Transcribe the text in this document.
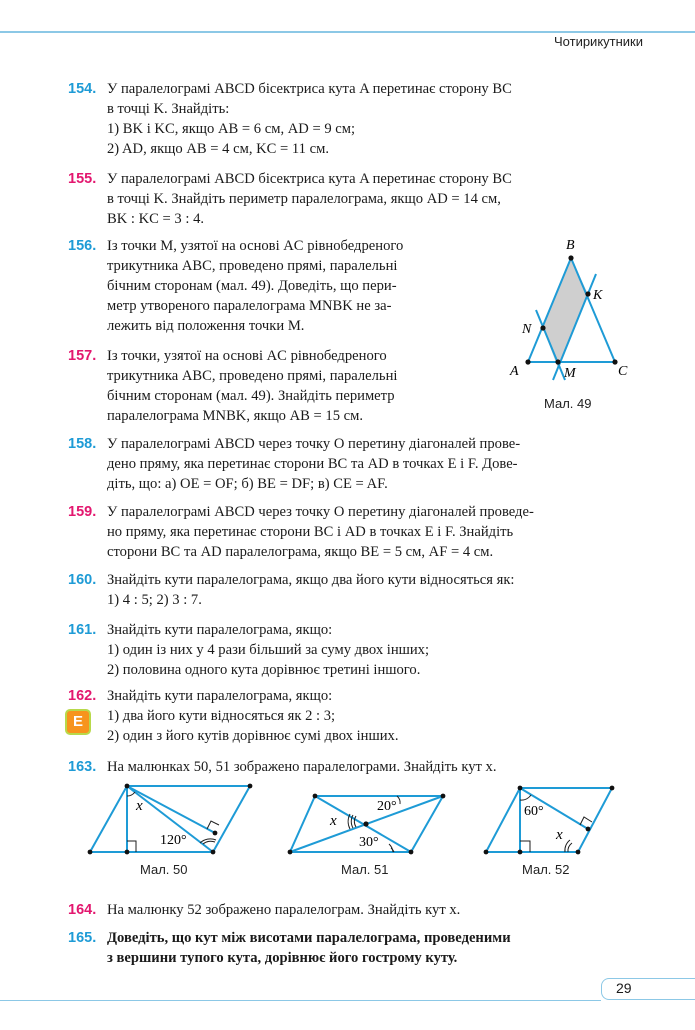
Чотирикутники
154. У паралелограмі ABCD бісектриса кута A перетинає сторону BC
в точці K. Знайдіть:
1) BK і KC, якщо AB = 6 см, AD = 9 см;
2) AD, якщо AB = 4 см, KC = 11 см.
155. У паралелограмі ABCD бісектриса кута A перетинає сторону BC
в точці K. Знайдіть периметр паралелограма, якщо AD = 14 см,
BK : KC = 3 : 4.
156. Із точки M, узятої на основі AC рівнобедреного
трикутника ABC, проведено прямі, паралельні
бічним сторонам (мал. 49). Доведіть, що пери-
метр утвореного паралелограма MNBK не за-
лежить від положення точки M.
157. Із точки, узятої на основі AC рівнобедреного
трикутника ABC, проведено прямі, паралельні
бічним сторонам (мал. 49). Знайдіть периметр
паралелограма MNBK, якщо AB = 15 см.
B
K
N
A	M	C
Мал. 49
158. У паралелограмі ABCD через точку O перетину діагоналей прове-
дено пряму, яка перетинає сторони BC та AD в точках E і F. Дове-
діть, що: а) OE = OF; б) BE = DF; в) CE = AF.
159. У паралелограмі ABCD через точку O перетину діагоналей проведе-
но пряму, яка перетинає сторони BC і AD в точках E і F. Знайдіть
сторони BC та AD паралелограма, якщо BE = 5 см, AF = 4 см.
160. Знайдіть кути паралелограма, якщо два його кути відносяться як:
1) 4 : 5; 2) 3 : 7.
161. Знайдіть кути паралелограма, якщо:
1) один із них у 4 рази більший за суму двох інших;
2) половина одного кута дорівнює третині іншого.
162. Знайдіть кути паралелограма, якщо:
1) два його кути відносяться як 2 : 3;
2) один з його кутів дорівнює сумі двох інших.
E
163. На малюнках 50, 51 зображено паралелограми. Знайдіть кут x.
x
120°
Мал. 50
x
20°
30°
Мал. 51
60°
x
Мал. 52
164. На малюнку 52 зображено паралелограм. Знайдіть кут x.
165. Доведіть, що кут між висотами паралелограма, проведеними
з вершини тупого кута, дорівнює його гострому куту.
29
